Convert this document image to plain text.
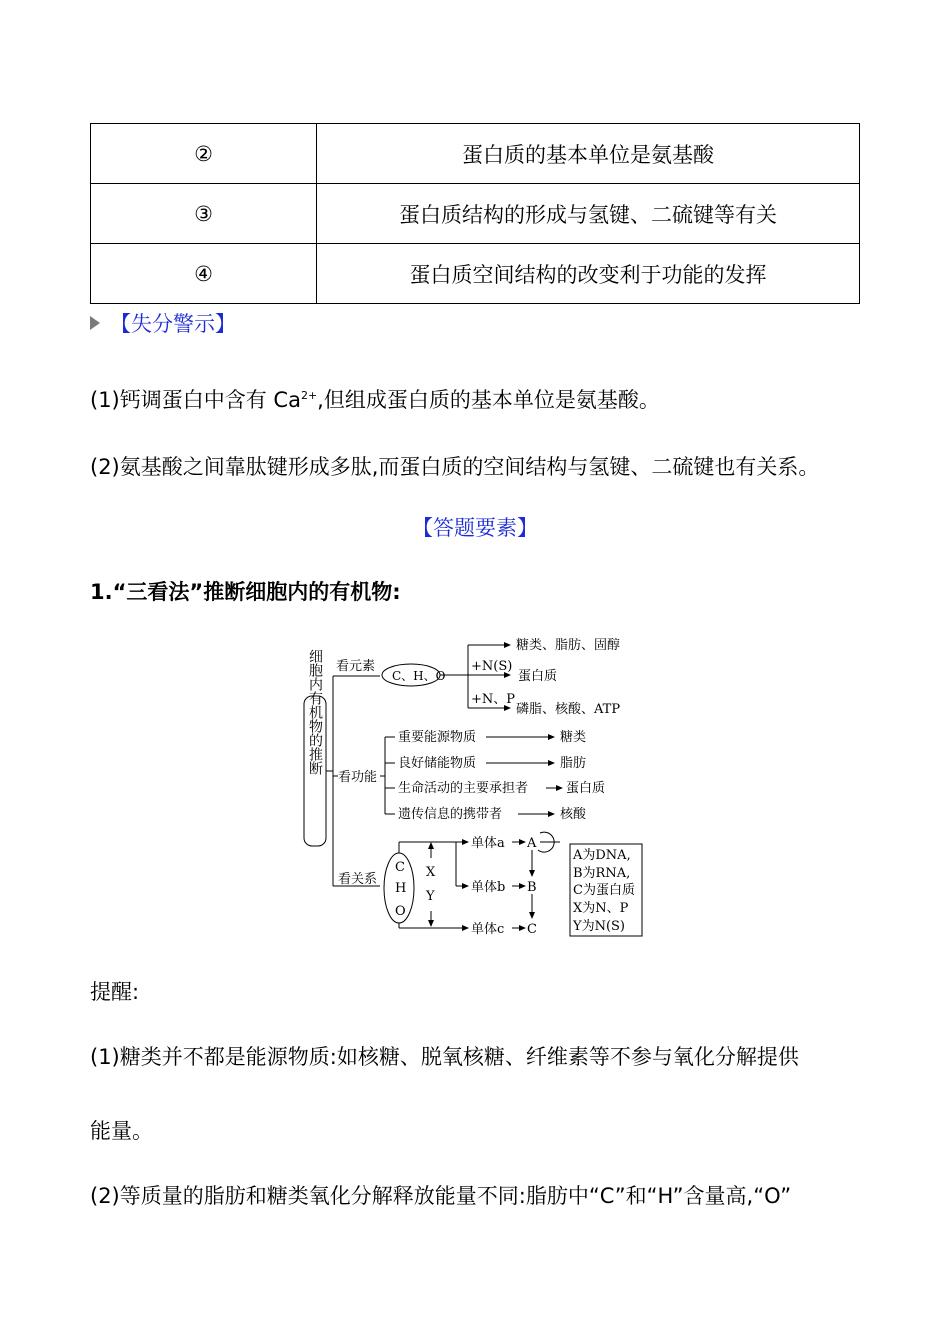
②	蛋白质的基本单位是氨基酸
③	蛋白质结构的形成与氢键、二硫键等有关
④	蛋白质空间结构的改变利于功能的发挥
【失分警示】
(1)钙调蛋白中含有 $Ca^{2+}$,但组成蛋白质的基本单位是氨基酸。
(2)氨基酸之间靠肽键形成多肽,而蛋白质的空间结构与氢键、二硫键也有关系。
【答题要素】
1.“三看法”推断细胞内的有机物:
细胞内有机物的推断 看元素
C、H、O
+N(S)
+N、P
糖类、脂肪、固醇
蛋白质
磷脂、核酸、ATP
看功能
重要能源物质	糖类
良好储能物质	脂肪
生命活动的主要承担者	蛋白质
遗传信息的携带者	核酸
看关系
C
H
O
X
Y
单体a
单体b
单体c
A
B
C
A为DNA,
B为RNA,
C为蛋白质
X为N、P
Y为N(S)
提醒:
(1)糖类并不都是能源物质:如核糖、脱氧核糖、纤维素等不参与氧化分解提供
能量。
(2)等质量的脂肪和糖类氧化分解释放能量不同:脂肪中“C”和“H”含量高,“O”
